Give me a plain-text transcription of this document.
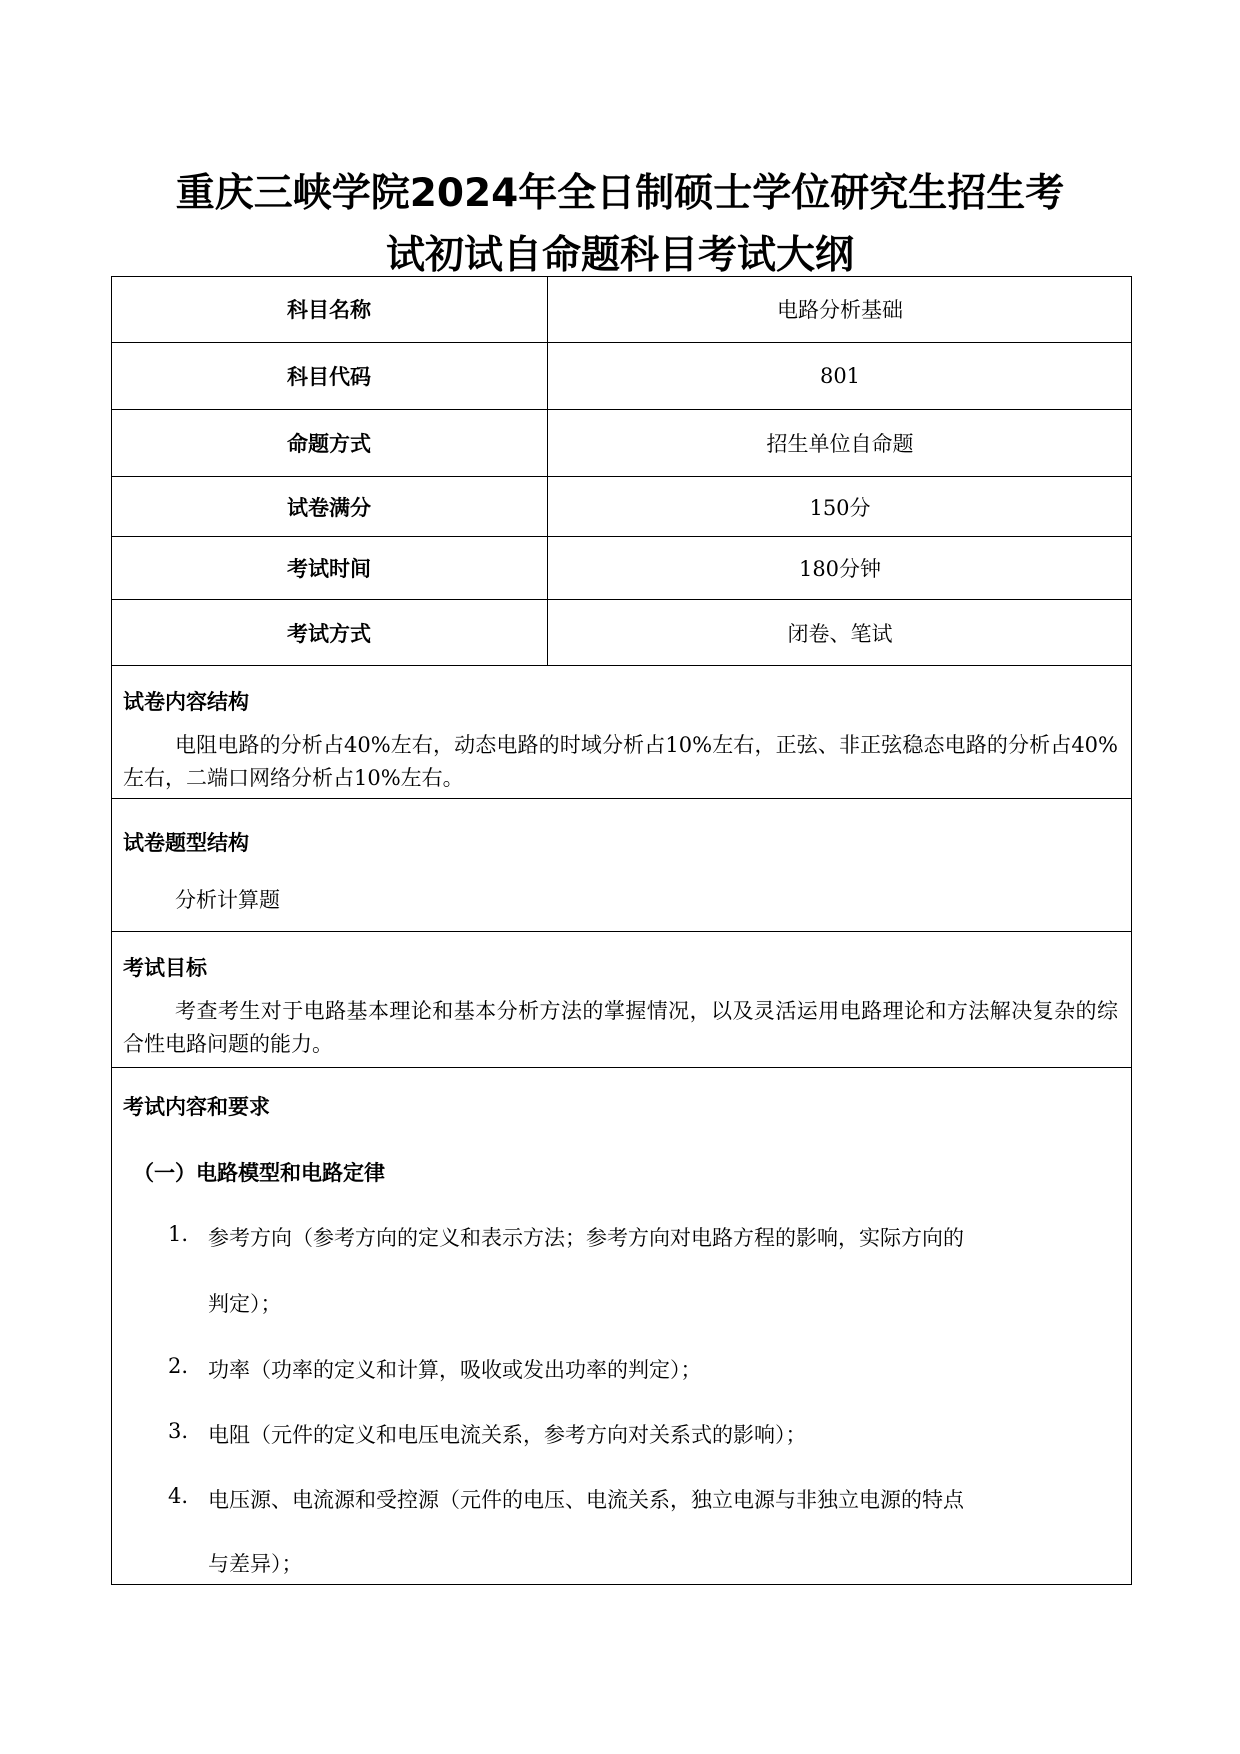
重庆三峡学院2024年全日制硕士学位研究生招生考
试初试自命题科目考试大纲
科目名称	电路分析基础
科目代码	801
命题方式	招生单位自命题
试卷满分	150分
考试时间	180分钟
考试方式	闭卷、笔试
试卷内容结构
电阻电路的分析占40%左右，动态电路的时域分析占10%左右，正弦、非正弦稳态电路的分析占40%左右，二端口网络分析占10%左右。
试卷题型结构
分析计算题
考试目标
考查考生对于电路基本理论和基本分析方法的掌握情况，以及灵活运用电路理论和方法解决复杂的综合性电路问题的能力。
考试内容和要求
（一）电路模型和电路定律
1. 参考方向（参考方向的定义和表示方法；参考方向对电路方程的影响，实际方向的
判定）；
2. 功率（功率的定义和计算，吸收或发出功率的判定）；
3. 电阻（元件的定义和电压电流关系，参考方向对关系式的影响）；
4. 电压源、电流源和受控源（元件的电压、电流关系，独立电源与非独立电源的特点
与差异）；
